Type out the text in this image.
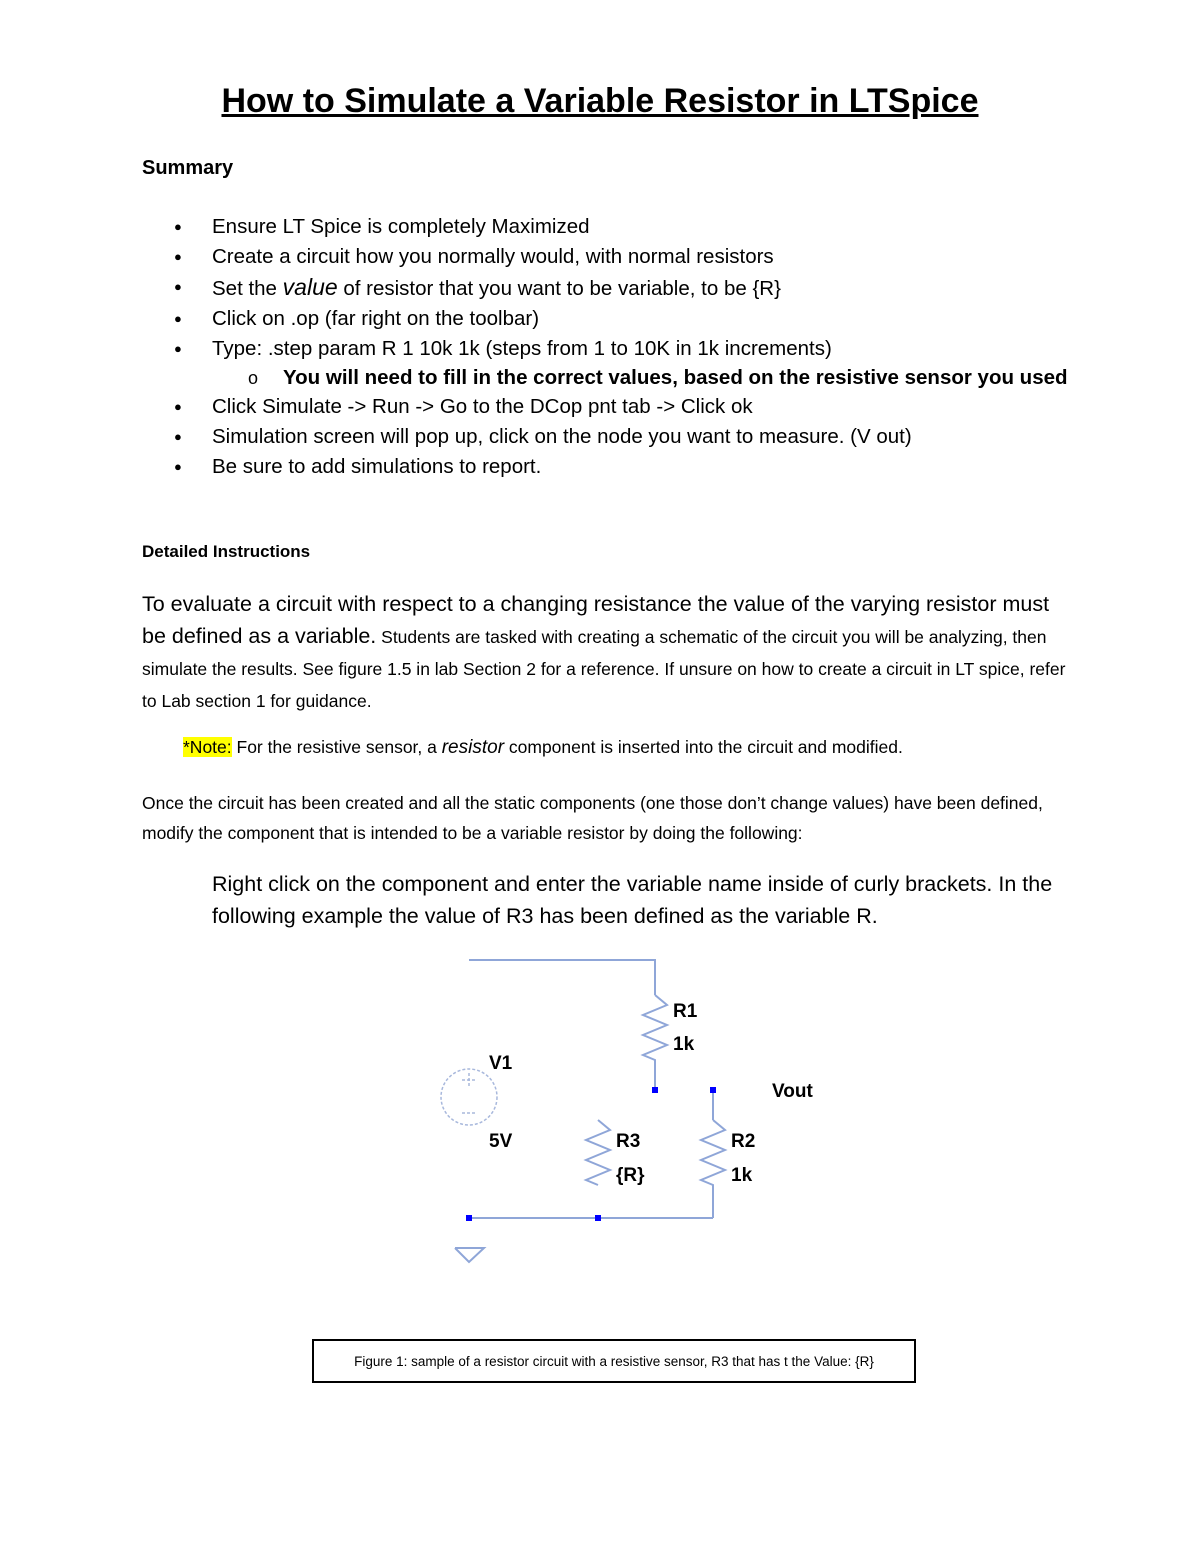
How to Simulate a Variable Resistor in LTSpice
Summary
● Ensure LT Spice is completely Maximized
● Create a circuit how you normally would, with normal resistors
● Set the value of resistor that you want to be variable, to be {R}
● Click on .op (far right on the toolbar)
● Type: .step param R 1 10k 1k (steps from 1 to 10K in 1k increments)
o You will need to fill in the correct values, based on the resistive sensor you used
● Click Simulate -> Run -> Go to the DCop pnt tab -> Click ok
● Simulation screen will pop up, click on the node you want to measure. (V out)
● Be sure to add simulations to report.
Detailed Instructions
To evaluate a circuit with respect to a changing resistance the value of the varying resistor must be defined as a variable. Students are tasked with creating a schematic of the circuit you will be analyzing, then simulate the results. See figure 1.5 in lab Section 2 for a reference. If unsure on how to create a circuit in LT spice, refer to Lab section 1 for guidance.
*Note: For the resistive sensor, a resistor component is inserted into the circuit and modified.
Once the circuit has been created and all the static components (one those don’t change values) have been defined, modify the component that is intended to be a variable resistor by doing the following:
Right click on the component and enter the variable name inside of curly brackets. In the following example the value of R3 has been defined as the variable R.
V1
5V
R1
1k
Vout
R3
{R}
R2
1k
Figure 1: sample of a resistor circuit with a resistive sensor, R3 that has t the Value: {R}
